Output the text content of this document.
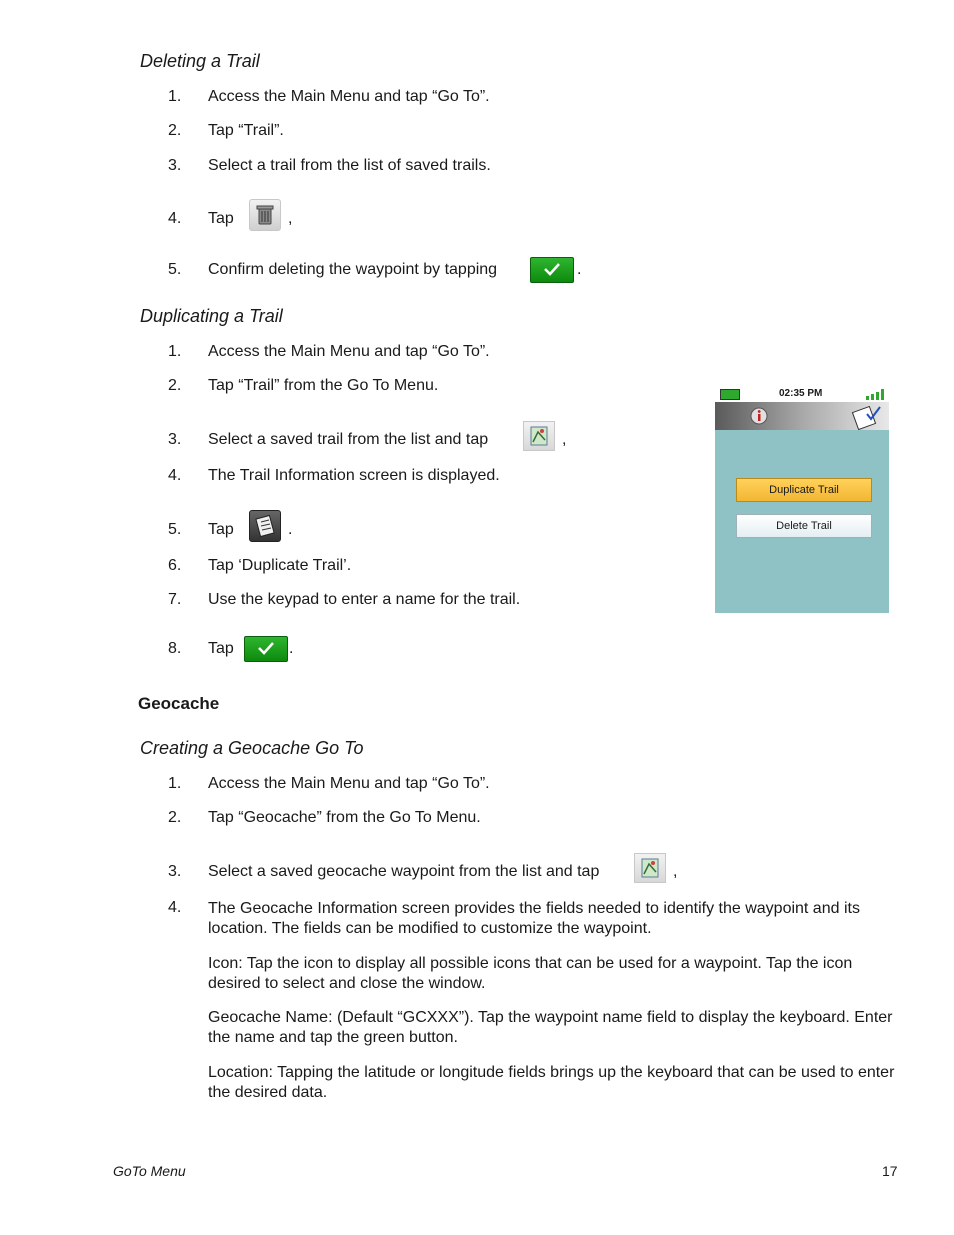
Deleting a Trail
1. Access the Main Menu and tap “Go To”.
2. Tap “Trail”.
3. Select a trail from the list of saved trails.
4. Tap	,
5. Confirm deleting the waypoint by tapping	.
Duplicating a Trail
1. Access the Main Menu and tap “Go To”.
2. Tap “Trail” from the Go To Menu.
3. Select a saved trail from the list and tap	,
4. The Trail Information screen is displayed.
5. Tap	.
6. Tap ‘Duplicate Trail’.
7. Use the keypad to enter a name for the trail.
8. Tap	.
02:35 PM
Duplicate Trail
Delete Trail
Geocache
Creating a Geocache Go To
1. Access the Main Menu and tap “Go To”.
2. Tap “Geocache” from the Go To Menu.
3. Select a saved geocache waypoint from the list and tap	,
4. The Geocache Information screen provides the fields needed to identify the waypoint and its location. The fields can be modified to customize the waypoint.
Icon: Tap the icon to display all possible icons that can be used for a waypoint. Tap the icon desired to select and close the window.
Geocache Name: (Default “GCXXX”). Tap the waypoint name field to display the keyboard. Enter the name and tap the green button.
Location: Tapping the latitude or longitude fields brings up the keyboard that can be used to enter the desired data.
GoTo Menu	17
